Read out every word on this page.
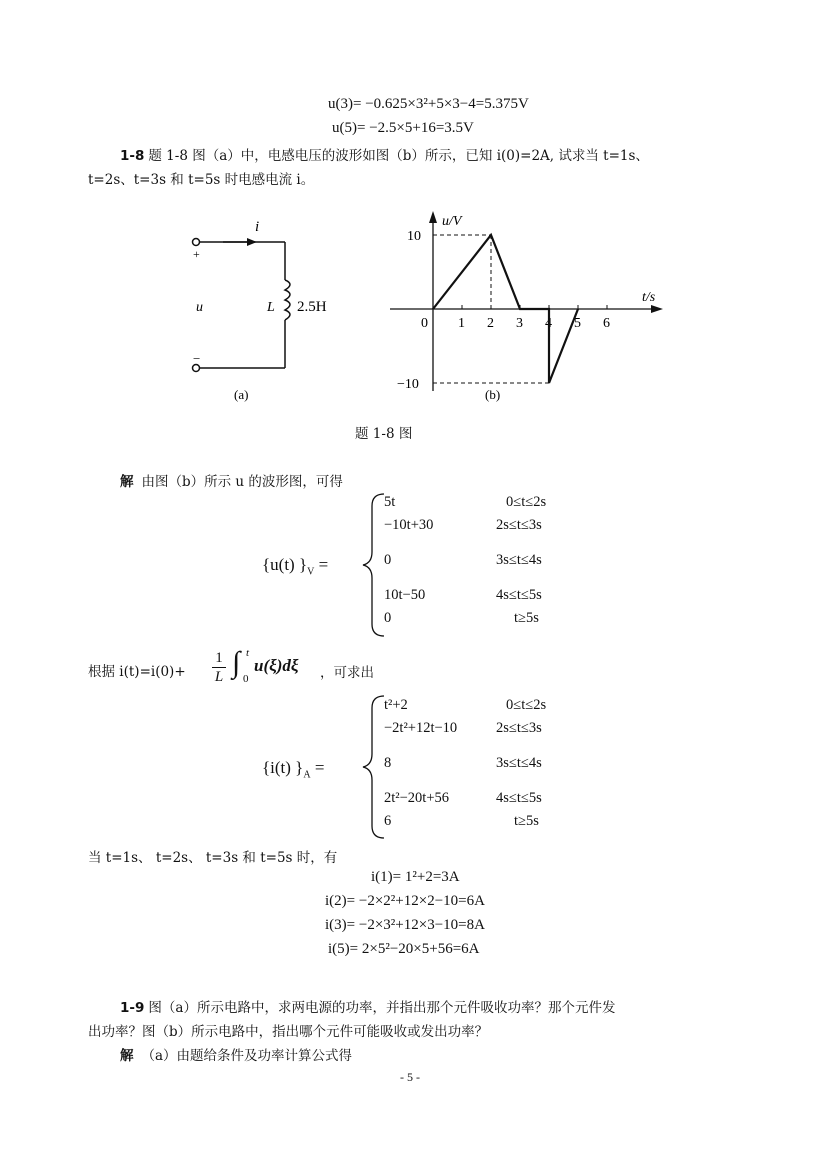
u(3)= −0.625×3²+5×3−4=5.375V
u(5)= −2.5×5+16=3.5V
1-8 题 1-8 图（a）中，电感电压的波形如图（b）所示，已知 i(0)=2A, 试求当 t=1s、
t=2s、t=3s 和 t=5s 时电感电流 i。
i
+
−
u	L 2.5H
(a)
0 1 2 3 4 5 6
10
−10
u/V
t/s
(b)
题 1-8 图
解 由图（b）所示 u 的波形图，可得
{u(t) }$_V$ =
5t	0≤t≤2s
−10t+30	2s≤t≤3s
0	3s≤t≤4s
10t−50	4s≤t≤5s
0	t≥5s
根据 i(t)=i(0)+
1
L ∫ t
0
u(ξ)dξ ，可求出
{i(t) }$_A$ =
t²+2	0≤t≤2s
−2t²+12t−10	2s≤t≤3s
8	3s≤t≤4s
2t²−20t+56	4s≤t≤5s
6	t≥5s
当 t=1s、 t=2s、 t=3s 和 t=5s 时，有
i(1)= 1²+2=3A
i(2)= −2×2²+12×2−10=6A
i(3)= −2×3²+12×3−10=8A
i(5)= 2×5²−20×5+56=6A
1-9 图（a）所示电路中，求两电源的功率，并指出那个元件吸收功率？那个元件发
出功率？图（b）所示电路中，指出哪个元件可能吸收或发出功率？
解 （a）由题给条件及功率计算公式得
- 5 -
